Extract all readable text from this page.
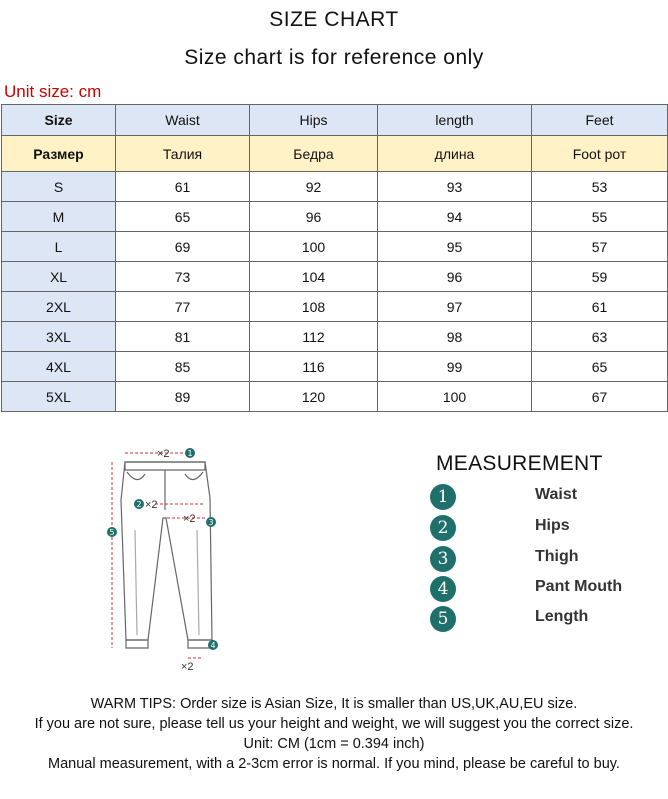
SIZE CHART
Size chart is for reference only
Unit size: cm
Size	Waist	Hips	length	Feet
Размер	Талия	Бедра	длина	Foot рот
S	61	92	93	53
M	65	96	94	55
L	69	100	95	57
XL	73	104	96	59
2XL	77	108	97	61
3XL	81	112	98	63
4XL	85	116	99	65
5XL	89	120	100	67
×2
×2
×2
×2
1
2
3
4
5
MEASUREMENT
1	Waist
2	Hips
3	Thigh
4	Pant Mouth
5	Length
WARM TIPS: Order size is Asian Size, It is smaller than US,UK,AU,EU size.
If you are not sure, please tell us your height and weight, we will suggest you the correct size.
Unit: CM (1cm = 0.394 inch)
Manual measurement, with a 2-3cm error is normal. If you mind, please be careful to buy.
